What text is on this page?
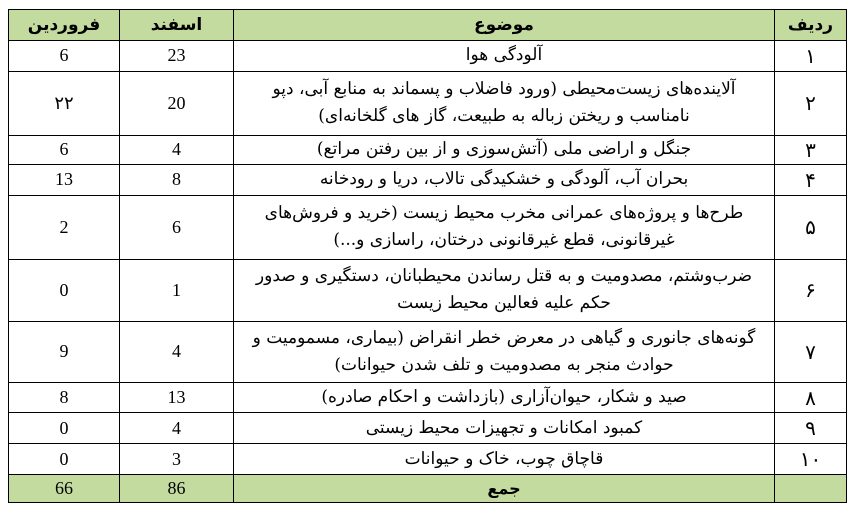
ردیف	موضوع	اسفند	فروردین
۱	آلودگی هوا	23	6
۲	آلاینده‌های زیست‌محیطی (ورود فاضلاب و پسماند به منابع آبی، دپو نامناسب و ریختن زباله به طبیعت، گاز های گلخانه‌ای)	20	۲۲
۳	جنگل و اراضی ملی (آتش‌سوزی و از بین رفتن مراتع)	4	6
۴	بحران آب، آلودگی و خشکیدگی تالاب، دریا و رودخانه	8	13
۵	طرح‌ها و پروژه‌های عمرانی مخرب محیط زیست (خرید و فروش‌های غیرقانونی، قطع غیرقانونی درختان، راسازی و...)	6	2
۶	ضرب‌وشتم، مصدومیت و به قتل رساندن محیطبانان، دستگیری و صدور حکم علیه فعالین محیط زیست	1	0
۷	گونه‌های جانوری و گیاهی در معرض خطر انقراض (بیماری، مسمومیت و حوادث منجر به مصدومیت و تلف شدن حیوانات)	4	9
۸	صید و شکار، حیوان‌آزاری (بازداشت و احکام صادره)	13	8
۹	کمبود امکانات و تجهیزات محیط زیستی	4	0
۱۰	قاچاق چوب، خاک و حیوانات	3	0
	جمع	86	66
